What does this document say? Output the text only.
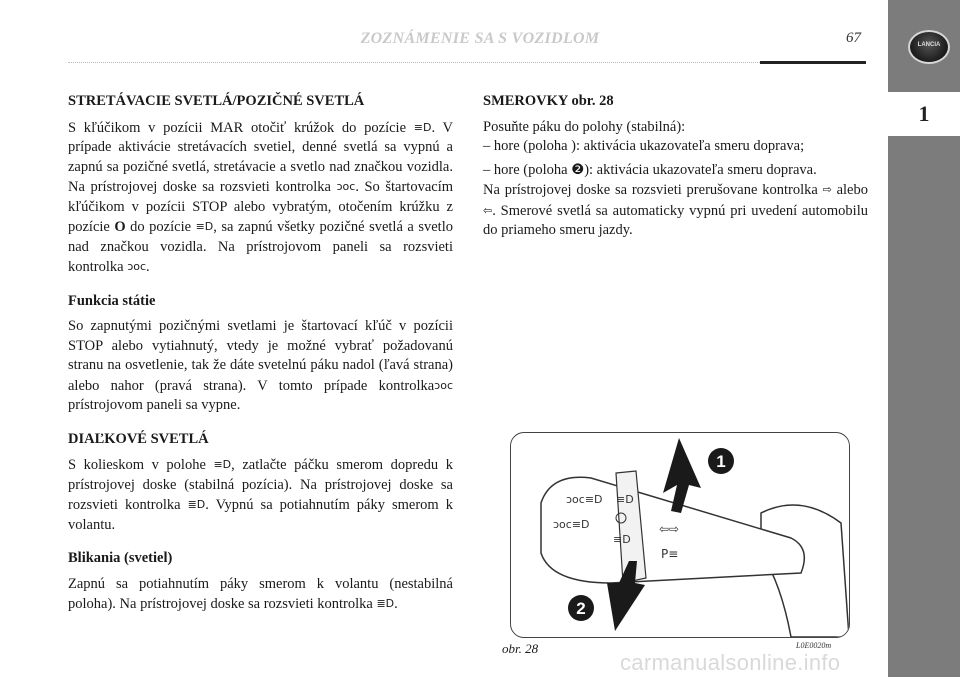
ZOZNÁMENIE SA S VOZIDLOM	67	LANCIA
1
STRETÁVACIE SVETLÁ/POZIČNÉ SVETLÁ

S kľúčikom v pozícii MAR otočiť krúžok do pozície ≡D. V prípade aktivácie stretávacích svetiel, denné svetlá sa vypnú a zapnú sa pozičné svetlá, stretávacie a svetlo nad značkou vozidla. Na prístrojovej doske sa rozsvieti kontrolka ᴐoᴄ. So štartovacím kľúčikom v pozícii STOP alebo vybratým, otočením krúžku z pozície O do pozície ≡D, sa zapnú všetky pozičné svetlá a svetlo nad značkou vozidla. Na prístrojovom paneli sa rozsvieti kontrolka ᴐoᴄ.

Funkcia státie

So zapnutými pozičnými svetlami je štartovací kľúč v pozícii STOP alebo vytiahnutý, vtedy je možné vybrať požadovanú stranu na osvetlenie, tak že dáte svetelnú páku nadol (ľavá strana) alebo nahor (pravá strana). V tomto prípade kontrolkaᴐoᴄ prístrojovom paneli sa vypne.

DIAĽKOVÉ SVETLÁ

S kolieskom v polohe ≡D, zatlačte páčku smerom dopredu k prístrojovej doske (stabilná pozícia). Na prístrojovej doske sa rozsvieti kontrolka ≣D. Vypnú sa potiahnutím páky smerom k volantu.

Blikania (svetiel)

Zapnú sa potiahnutím páky smerom k volantu (nestabilná poloha). Na prístrojovej doske sa rozsvieti kontrolka ≣D.

SMEROVKY obr. 28
Posuňte páku do polohy (stabilná):
– hore (poloha ): aktivácia ukazovateľa smeru doprava;
– hore (poloha ❷): aktivácia ukazovateľa smeru doprava.
Na prístrojovej doske sa rozsvieti prerušovane kontrolka ⇨ alebo ⇦. Smerové svetlá sa automaticky vypnú pri uvedení automobilu do priameho smeru jazdy.
ᴐoᴄ≡D
ᴐoᴄ≡D
≡D
≡D
⇦⇨
P≡
1
2
obr. 28	L0E0020m
carmanualsonline.info
